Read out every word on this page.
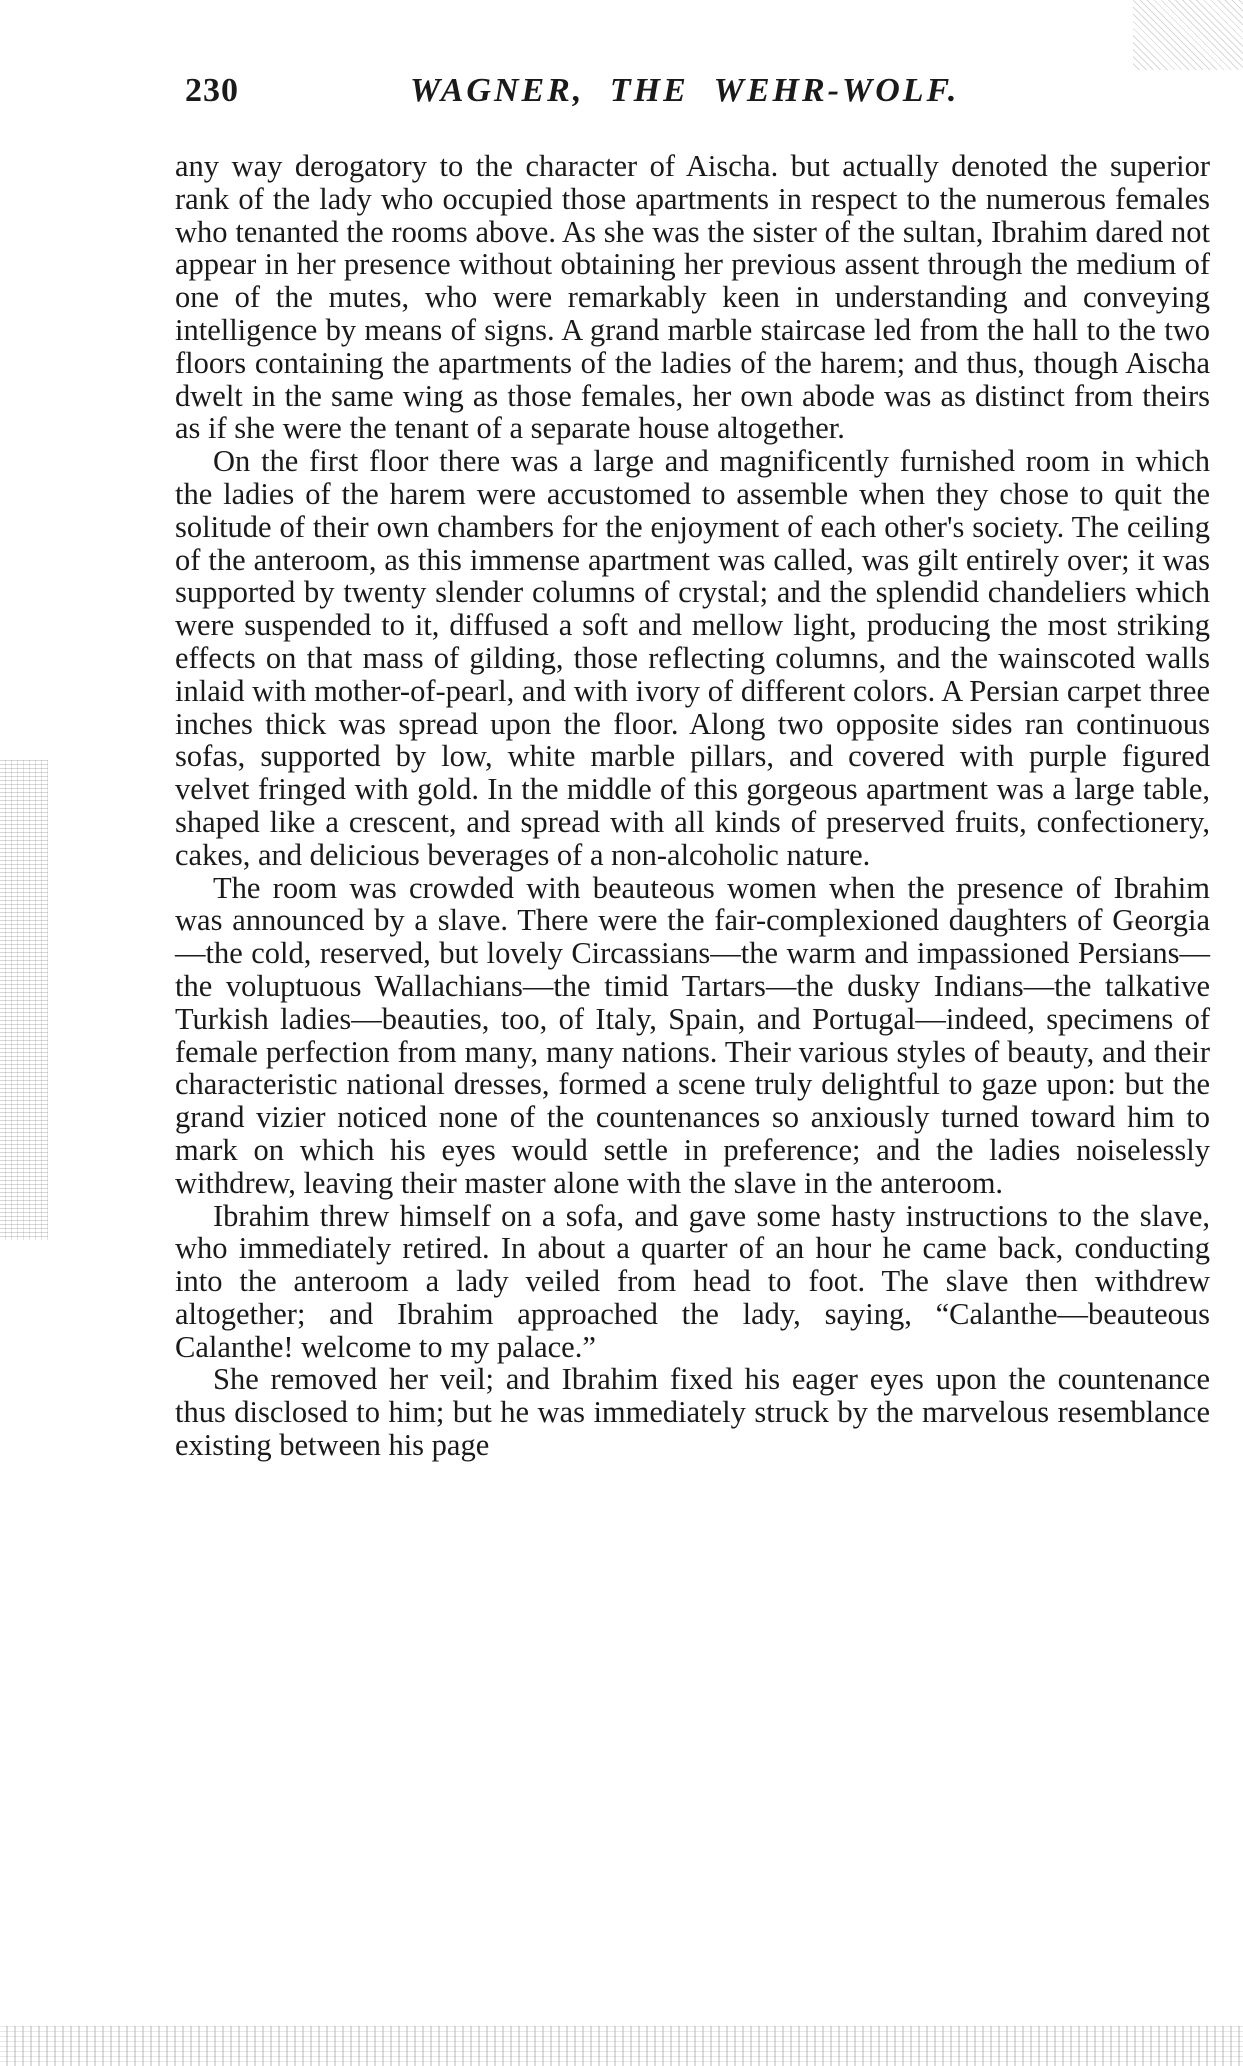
230	WAGNER, THE WEHR-WOLF.

any way derogatory to the character of Aischa. but actually denoted the superior rank of the lady who occupied those apartments in respect to the numerous females who tenanted the rooms above. As she was the sister of the sultan, Ibrahim dared not appear in her presence without obtaining her previous assent through the medium of one of the mutes, who were remarkably keen in understanding and conveying intelligence by means of signs. A grand marble staircase led from the hall to the two floors containing the apartments of the ladies of the harem; and thus, though Aischa dwelt in the same wing as those females, her own abode was as distinct from theirs as if she were the tenant of a separate house altogether.

On the first floor there was a large and magnificently furnished room in which the ladies of the harem were accustomed to assemble when they chose to quit the solitude of their own chambers for the enjoyment of each other's society. The ceiling of the anteroom, as this immense apartment was called, was gilt entirely over; it was supported by twenty slender columns of crystal; and the splendid chandeliers which were suspended to it, diffused a soft and mellow light, producing the most striking effects on that mass of gilding, those reflecting columns, and the wainscoted walls inlaid with mother-of-pearl, and with ivory of different colors. A Persian carpet three inches thick was spread upon the floor. Along two opposite sides ran continuous sofas, supported by low, white marble pillars, and covered with purple figured velvet fringed with gold. In the middle of this gorgeous apartment was a large table, shaped like a crescent, and spread with all kinds of preserved fruits, confectionery, cakes, and delicious beverages of a non-alcoholic nature.

The room was crowded with beauteous women when the presence of Ibrahim was announced by a slave. There were the fair-complexioned daughters of Georgia—the cold, reserved, but lovely Circassians—the warm and impassioned Persians—the voluptuous Wallachians—the timid Tartars—the dusky Indians—the talkative Turkish ladies—beauties, too, of Italy, Spain, and Portugal—indeed, specimens of female perfection from many, many nations. Their various styles of beauty, and their characteristic national dresses, formed a scene truly delightful to gaze upon: but the grand vizier noticed none of the countenances so anxiously turned toward him to mark on which his eyes would settle in preference; and the ladies noiselessly withdrew, leaving their master alone with the slave in the anteroom.

Ibrahim threw himself on a sofa, and gave some hasty instructions to the slave, who immediately retired. In about a quarter of an hour he came back, conducting into the anteroom a lady veiled from head to foot. The slave then withdrew altogether; and Ibrahim approached the lady, saying, “Calanthe—beauteous Calanthe! welcome to my palace.”

She removed her veil; and Ibrahim fixed his eager eyes upon the countenance thus disclosed to him; but he was immediately struck by the marvelous resemblance existing between his page
